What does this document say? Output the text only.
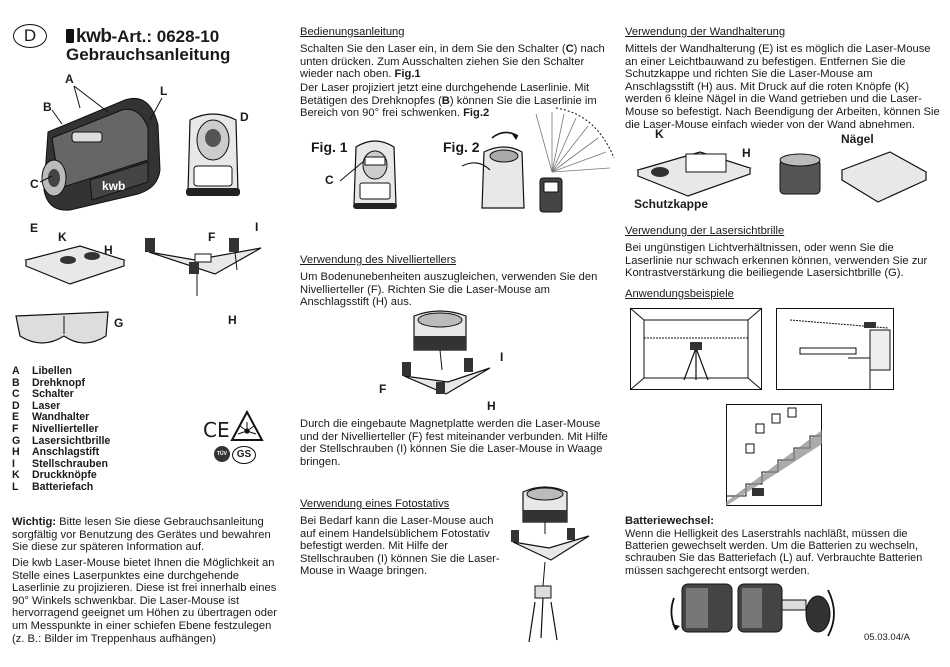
D	kwb-Art.: 0628-10
Gebrauchsanleitung
kwb
A
L
B
C
D
E
K
H
F
I
H
G
A	Libellen
B	Drehknopf
C	Schalter
D	Laser
E	Wandhalter
F	Nivellierteller
G	Lasersichtbrille
H	Anschlagstift
I	Stellschrauben
K	Druckknöpfe
L	Batteriefach
CE
TÜV GS
Wichtig: Bitte lesen Sie diese Gebrauchsanleitung sorgfältig vor Benutzung des Gerätes und bewahren Sie diese zur späteren Information auf.
Die kwb Laser-Mouse bietet Ihnen die Möglichkeit an Stelle eines Laserpunktes eine durchgehende Laserlinie zu projizieren. Diese ist frei innerhalb eines 90° Winkels schwenkbar. Die Laser-Mouse ist hervorragend geeignet um Höhen zu übertragen oder um Messpunkte in einer schiefen Ebene festzulegen (z. B.: Bilder im Treppenhaus aufhängen)
Bedienungsanleitung
Schalten Sie den Laser ein, in dem Sie den Schalter (C) nach unten drücken. Zum Ausschalten ziehen Sie den Schalter wieder nach oben. Fig.1
Der Laser projiziert jetzt eine durchgehende Laserlinie. Mit Betätigen des Drehknopfes (B) können Sie die Laserlinie im Bereich von 90° frei schwenken. Fig.2
Fig. 1
C
Fig. 2
Verwendung des Nivelliertellers
Um Bodenunebenheiten auszugleichen, verwenden Sie den Nivellierteller (F). Richten Sie die Laser-Mouse am Anschlagsstift (H) aus.
I
F
H
Durch die eingebaute Magnetplatte werden die Laser-Mouse und der Nivellierteller (F) fest miteinander verbunden. Mit Hilfe der Stellschrauben (I) können Sie die Laser-Mouse in Waage bringen.
Verwendung eines Fotostativs
Bei Bedarf kann die Laser-Mouse auch auf einem Handelsüblichem Fotostativ befestigt werden. Mit Hilfe der Stellschrauben (I) können Sie die Laser-Mouse in Waage bringen.
Verwendung der Wandhalterung
Mittels der Wandhalterung (E) ist es möglich die Laser-Mouse an einer Leichtbauwand zu befestigen. Entfernen Sie die Schutzkappe und richten Sie die Laser-Mouse am Anschlagsstift (H) aus. Mit Druck auf die roten Knöpfe (K) werden 6 kleine Nägel in die Wand getrieben und die Laser-Mouse so befestigt. Nach Beendigung der Arbeiten, können Sie die Laser-Mouse einfach wieder von der Wand abnehmen.
K
H
Schutzkappe
Nägel
Verwendung der Lasersichtbrille
Bei ungünstigen Lichtverhältnissen, oder wenn Sie die Laserlinie nur schwach erkennen können, verwenden Sie zur Kontrastverstärkung die beiliegende Lasersichtbrille (G).
Anwendungsbeispiele
Batteriewechsel:
Wenn die Helligkeit des Laserstrahls nachläßt, müssen die Batterien gewechselt werden. Um die Batterien zu wechseln, schrauben Sie das Batteriefach (L) auf. Verbrauchte Batterien müssen sachgerecht entsorgt werden.
05.03.04/A
